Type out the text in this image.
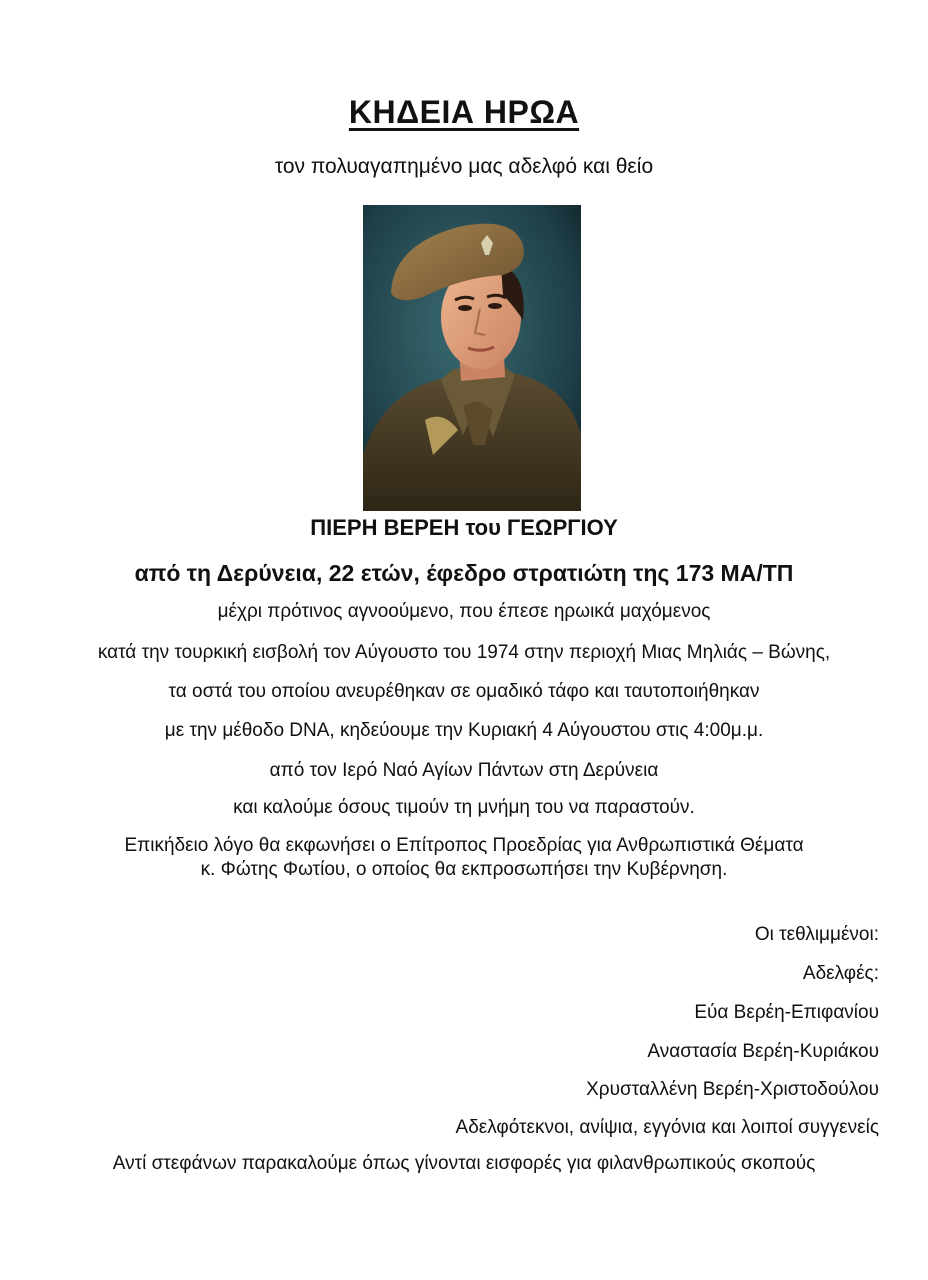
ΚΗΔΕΙΑ ΗΡΩΑ
τον πολυαγαπημένο μας αδελφό και θείο
ΠΙΕΡΗ ΒΕΡΕΗ του ΓΕΩΡΓΙΟΥ
από τη Δερύνεια, 22 ετών, έφεδρο στρατιώτη της 173 ΜΑ/ΤΠ
μέχρι πρότινος αγνοούμενο, που έπεσε ηρωικά μαχόμενος
κατά την τουρκική εισβολή τον Αύγουστο του 1974 στην περιοχή Μιας Μηλιάς – Βώνης,
τα οστά του οποίου ανευρέθηκαν σε ομαδικό τάφο και ταυτοποιήθηκαν
με την μέθοδο DNA, κηδεύουμε την Κυριακή 4 Αύγουστου στις 4:00μ.μ.
από τον Ιερό Ναό Αγίων Πάντων στη Δερύνεια
και καλούμε όσους τιμούν τη μνήμη του να παραστούν.
Επικήδειο λόγο θα εκφωνήσει ο Επίτροπος Προεδρίας για Ανθρωπιστικά Θέματα
κ. Φώτης Φωτίου, ο οποίος θα εκπροσωπήσει την Κυβέρνηση.
Οι τεθλιμμένοι:
Αδελφές:
Εύα Βερέη-Επιφανίου
Αναστασία Βερέη-Κυριάκου
Χρυσταλλένη Βερέη-Χριστοδούλου
Αδελφότεκνοι, ανίψια, εγγόνια και λοιποί συγγενείς
Αντί στεφάνων παρακαλούμε όπως γίνονται εισφορές για φιλανθρωπικούς σκοπούς
